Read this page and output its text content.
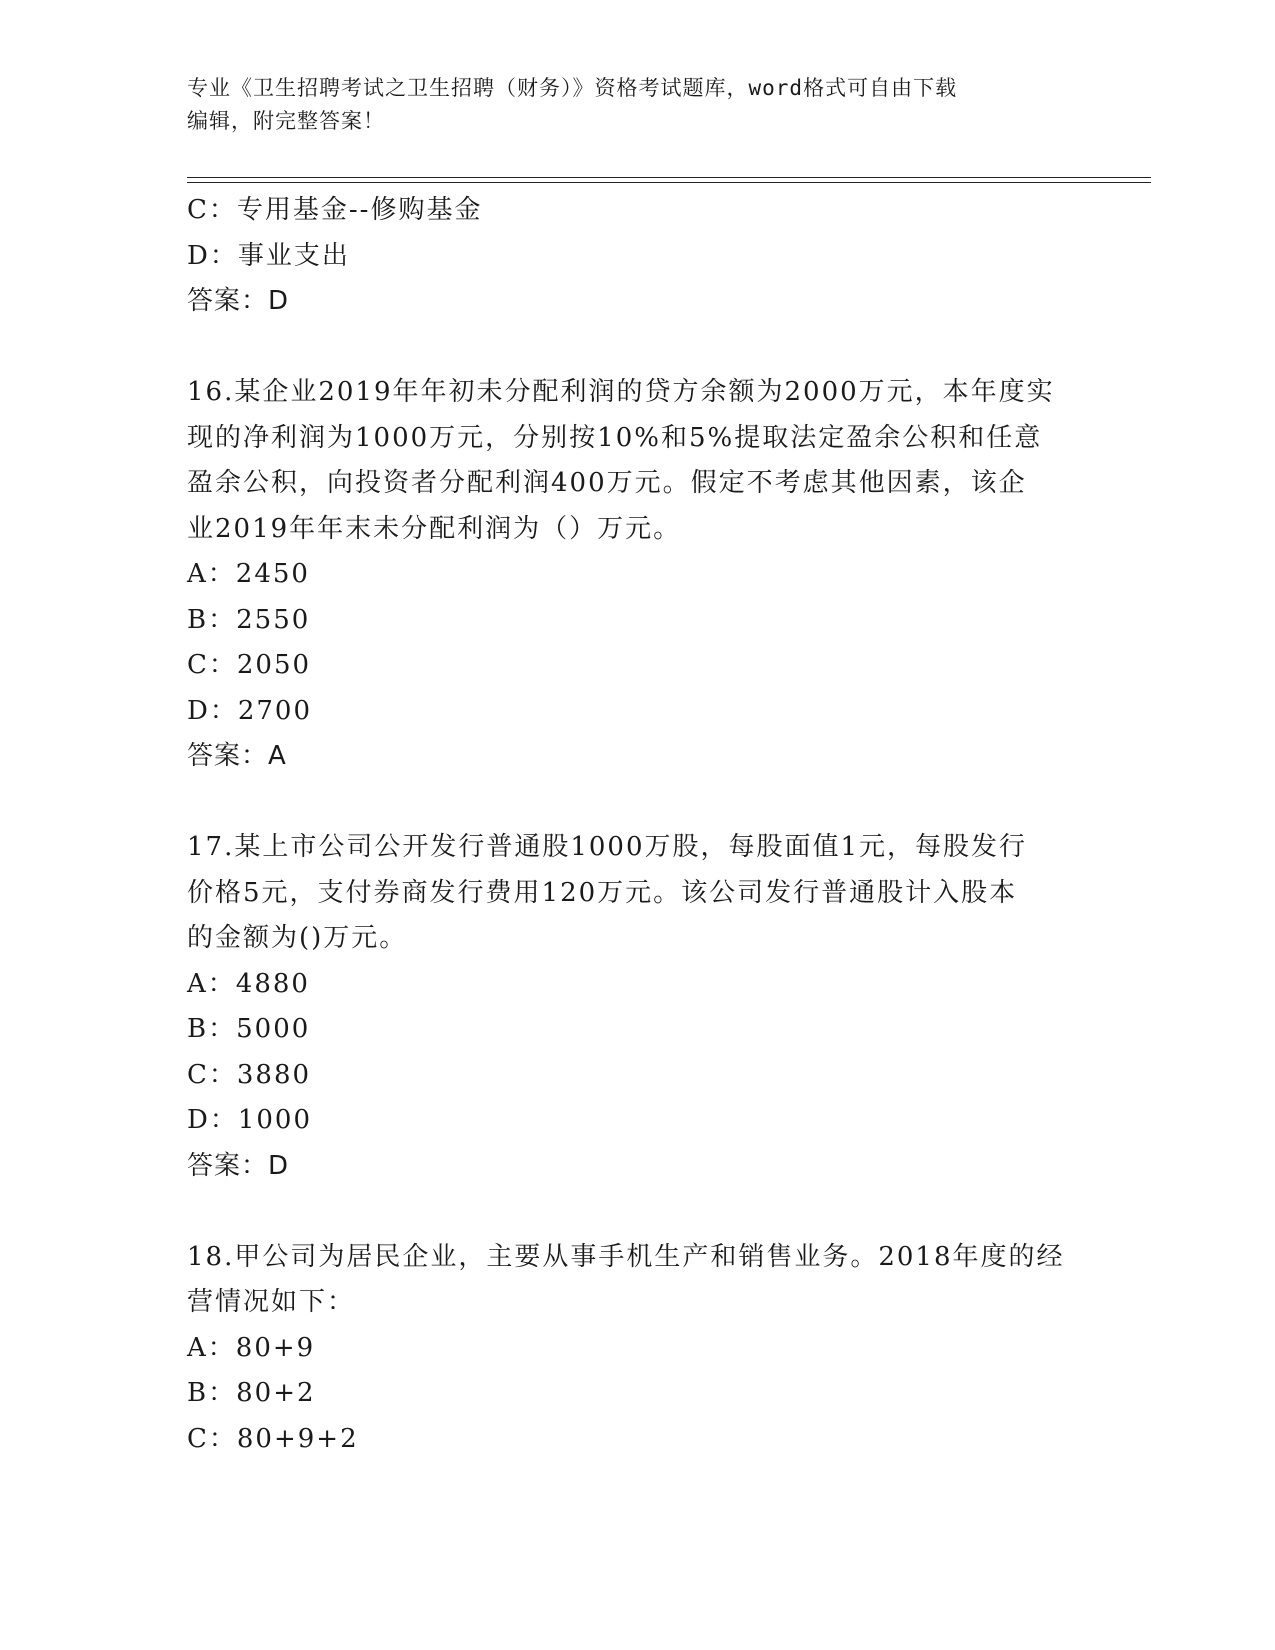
专业《卫生招聘考试之卫生招聘（财务）》资格考试题库，word格式可自由下载
编辑，附完整答案！
C：专用基金--修购基金
D：事业支出
答案：D
16.某企业2019年年初未分配利润的贷方余额为2000万元，本年度实
现的净利润为1000万元，分别按10%和5%提取法定盈余公积和任意
盈余公积，向投资者分配利润400万元。假定不考虑其他因素，该企
业2019年年末未分配利润为（）万元。
A：2450
B：2550
C：2050
D：2700
答案：A
17.某上市公司公开发行普通股1000万股，每股面值1元，每股发行
价格5元，支付券商发行费用120万元。该公司发行普通股计入股本
的金额为()万元。
A：4880
B：5000
C：3880
D：1000
答案：D
18.甲公司为居民企业，主要从事手机生产和销售业务。2018年度的经
营情况如下：
A：80+9
B：80+2
C：80+9+2
